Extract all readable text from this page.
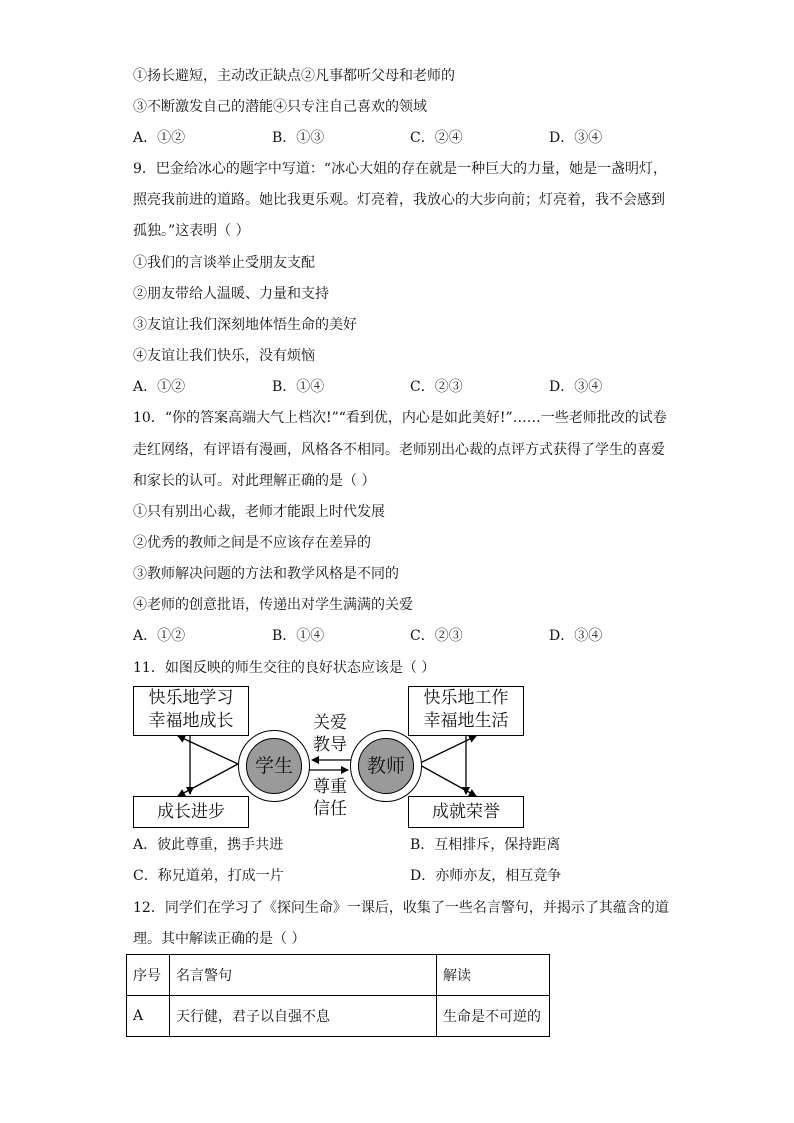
①扬长避短，主动改正缺点②凡事都听父母和老师的
③不断激发自己的潜能④只专注自己喜欢的领域
A．①②	B．①③	C．②④	D．③④
9．巴金给冰心的题字中写道：“冰心大姐的存在就是一种巨大的力量，她是一盏明灯，
照亮我前进的道路。她比我更乐观。灯亮着，我放心的大步向前；灯亮着，我不会感到
孤独。”这表明（ ）
①我们的言谈举止受朋友支配
②朋友带给人温暖、力量和支持
③友谊让我们深刻地体悟生命的美好
④友谊让我们快乐，没有烦恼
A．①②	B．①④	C．②③	D．③④
10．“你的答案高端大气上档次!”“看到优，内心是如此美好!”……一些老师批改的试卷
走红网络，有评语有漫画，风格各不相同。老师别出心裁的点评方式获得了学生的喜爱
和家长的认可。对此理解正确的是（ ）
①只有别出心裁，老师才能跟上时代发展
②优秀的教师之间是不应该存在差异的
③教师解决问题的方法和教学风格是不同的
④老师的创意批语，传递出对学生满满的关爱
A．①②	B．①④	C．②③	D．③④
11．如图反映的师生交往的良好状态应该是（ ）
快乐地学习
幸福地成长
快乐地工作
幸福地生活
成长进步	成就荣誉
学生	教师
关爱
教导
尊重
信任
A．彼此尊重，携手共进	B．互相排斥，保持距离
C．称兄道弟，打成一片	D．亦师亦友，相互竞争
12．同学们在学习了《探问生命》一课后，收集了一些名言警句，并揭示了其蕴含的道
理。其中解读正确的是（ ）
序号	名言警句	解读
A	天行健，君子以自强不息	生命是不可逆的
